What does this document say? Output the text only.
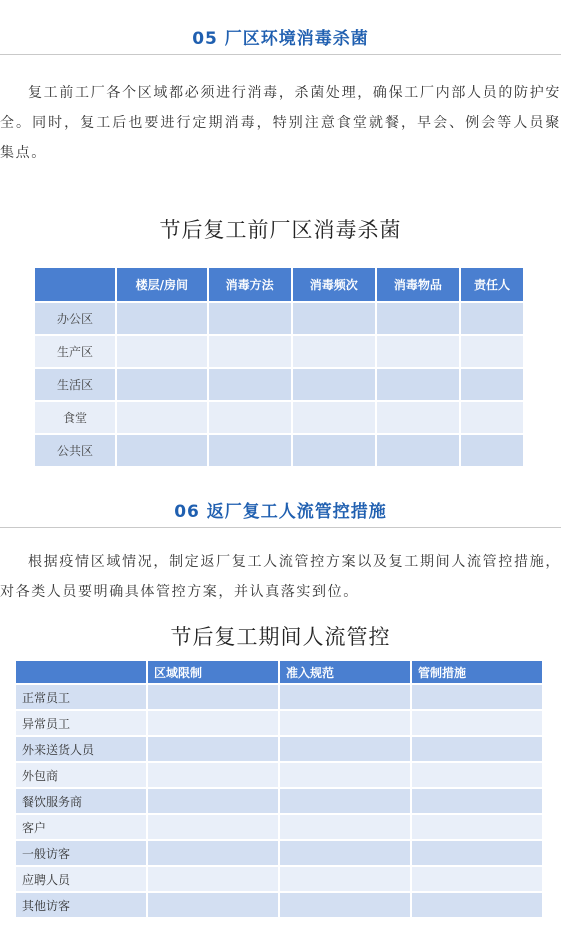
05 厂区环境消毒杀菌
复工前工厂各个区域都必须进行消毒，杀菌处理，确保工厂内部人员的防护安全。同时，复工后也要进行定期消毒，特别注意食堂就餐，早会、例会等人员聚集点。
节后复工前厂区消毒杀菌
	楼层/房间	消毒方法	消毒频次	消毒物品	责任人
办公区					
生产区					
生活区					
食堂					
公共区					
06 返厂复工人流管控措施
根据疫情区域情况，制定返厂复工人流管控方案以及复工期间人流管控措施，对各类人员要明确具体管控方案，并认真落实到位。
节后复工期间人流管控
	区域限制	准入规范	管制措施
正常员工			
异常员工			
外来送货人员			
外包商			
餐饮服务商			
客户			
一般访客			
应聘人员			
其他访客			
